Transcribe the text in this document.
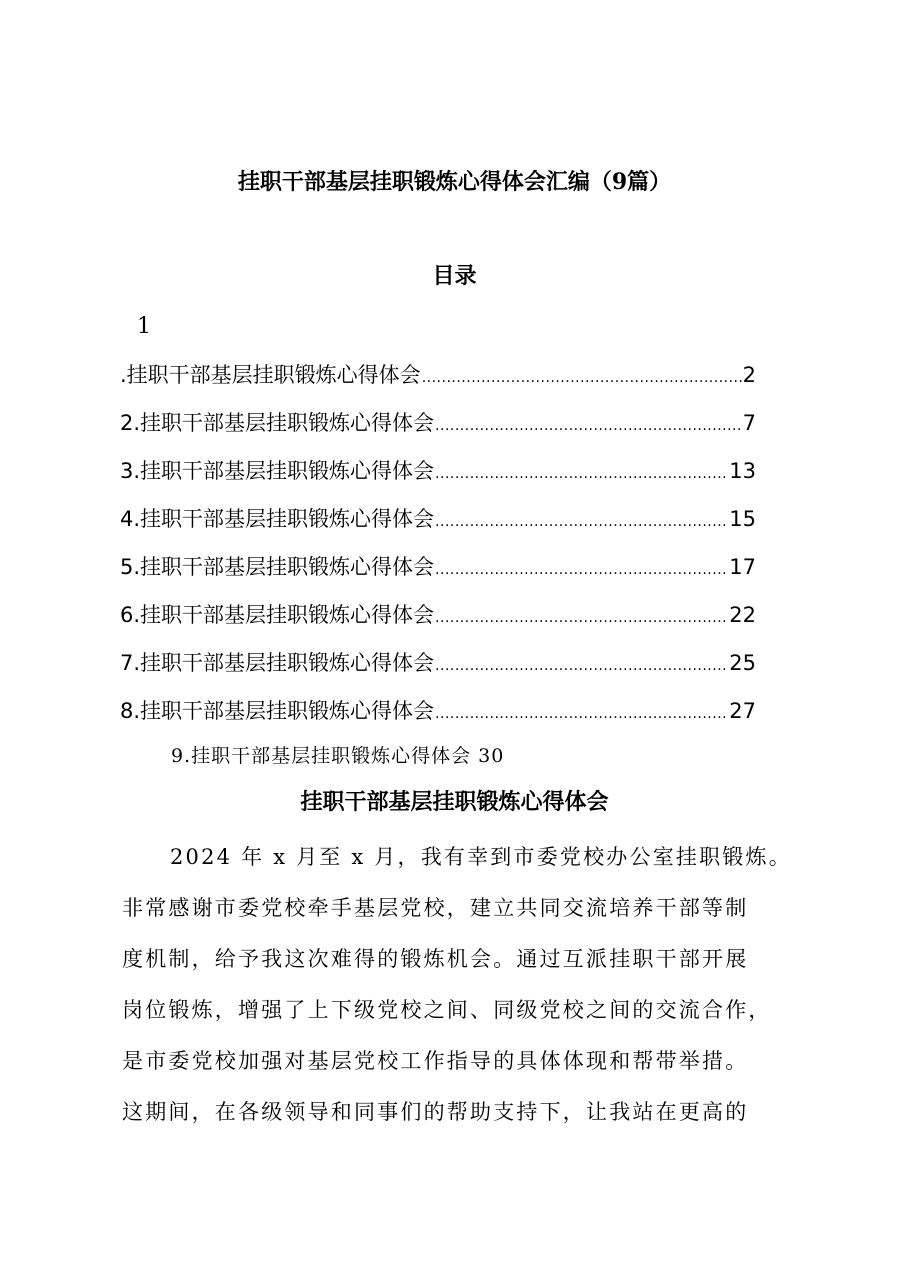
挂职干部基层挂职锻炼心得体会汇编（9篇）
目录
1
.挂职干部基层挂职锻炼心得体会 .....	2
2.挂职干部基层挂职锻炼心得体会 .....	7
3.挂职干部基层挂职锻炼心得体会 .....	13
4.挂职干部基层挂职锻炼心得体会 .....	15
5.挂职干部基层挂职锻炼心得体会 .....	17
6.挂职干部基层挂职锻炼心得体会 .....	22
7.挂职干部基层挂职锻炼心得体会 .....	25
8.挂职干部基层挂职锻炼心得体会 .....	27
9.挂职干部基层挂职锻炼心得体会 30
挂职干部基层挂职锻炼心得体会

2024 年 x 月至 x 月，我有幸到市委党校办公室挂职锻炼。
非常感谢市委党校牵手基层党校，建立共同交流培养干部等制
度机制，给予我这次难得的锻炼机会。通过互派挂职干部开展
岗位锻炼，增强了上下级党校之间、同级党校之间的交流合作，
是市委党校加强对基层党校工作指导的具体体现和帮带举措。
这期间，在各级领导和同事们的帮助支持下，让我站在更高的
